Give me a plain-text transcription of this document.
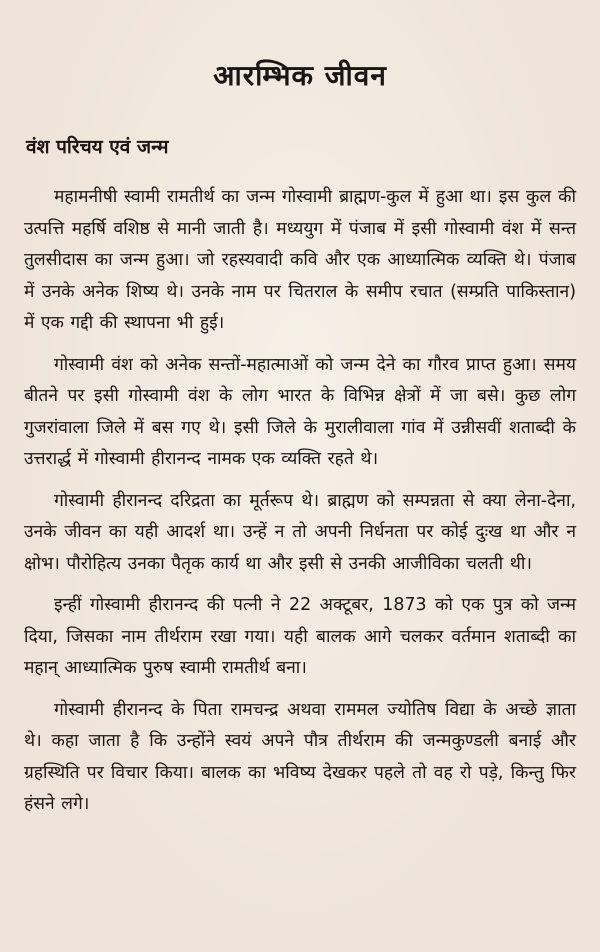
आरम्भिक जीवन
वंश परिचय एवं जन्म

महामनीषी स्वामी रामतीर्थ का जन्म गोस्वामी ब्राह्मण-कुल में हुआ था। इस कुल की उत्पत्ति महर्षि वशिष्ठ से मानी जाती है। मध्ययुग में पंजाब में इसी गोस्वामी वंश में सन्त तुलसीदास का जन्म हुआ। जो रहस्यवादी कवि और एक आध्यात्मिक व्यक्ति थे। पंजाब में उनके अनेक शिष्य थे। उनके नाम पर चितराल के समीप रचात (सम्प्रति पाकिस्तान) में एक गद्दी की स्थापना भी हुई।

गोस्वामी वंश को अनेक सन्तों-महात्माओं को जन्म देने का गौरव प्राप्त हुआ। समय बीतने पर इसी गोस्वामी वंश के लोग भारत के विभिन्न क्षेत्रों में जा बसे। कुछ लोग गुजरांवाला जिले में बस गए थे। इसी जिले के मुरालीवाला गांव में उन्नीसवीं शताब्दी के उत्तरार्द्ध में गोस्वामी हीरानन्द नामक एक व्यक्ति रहते थे।

गोस्वामी हीरानन्द दरिद्रता का मूर्तरूप थे। ब्राह्मण को सम्पन्नता से क्या लेना-देना, उनके जीवन का यही आदर्श था। उन्हें न तो अपनी निर्धनता पर कोई दुःख था और न क्षोभ। पौरोहित्य उनका पैतृक कार्य था और इसी से उनकी आजीविका चलती थी।

इन्हीं गोस्वामी हीरानन्द की पत्नी ने 22 अक्टूबर, 1873 को एक पुत्र को जन्म दिया, जिसका नाम तीर्थराम रखा गया। यही बालक आगे चलकर वर्तमान शताब्दी का महान् आध्यात्मिक पुरुष स्वामी रामतीर्थ बना।

गोस्वामी हीरानन्द के पिता रामचन्द्र अथवा राममल ज्योतिष विद्या के अच्छे ज्ञाता थे। कहा जाता है कि उन्होंने स्वयं अपने पौत्र तीर्थराम की जन्मकुण्डली बनाई और ग्रहस्थिति पर विचार किया। बालक का भविष्य देखकर पहले तो वह रो पड़े, किन्तु फिर हंसने लगे।
